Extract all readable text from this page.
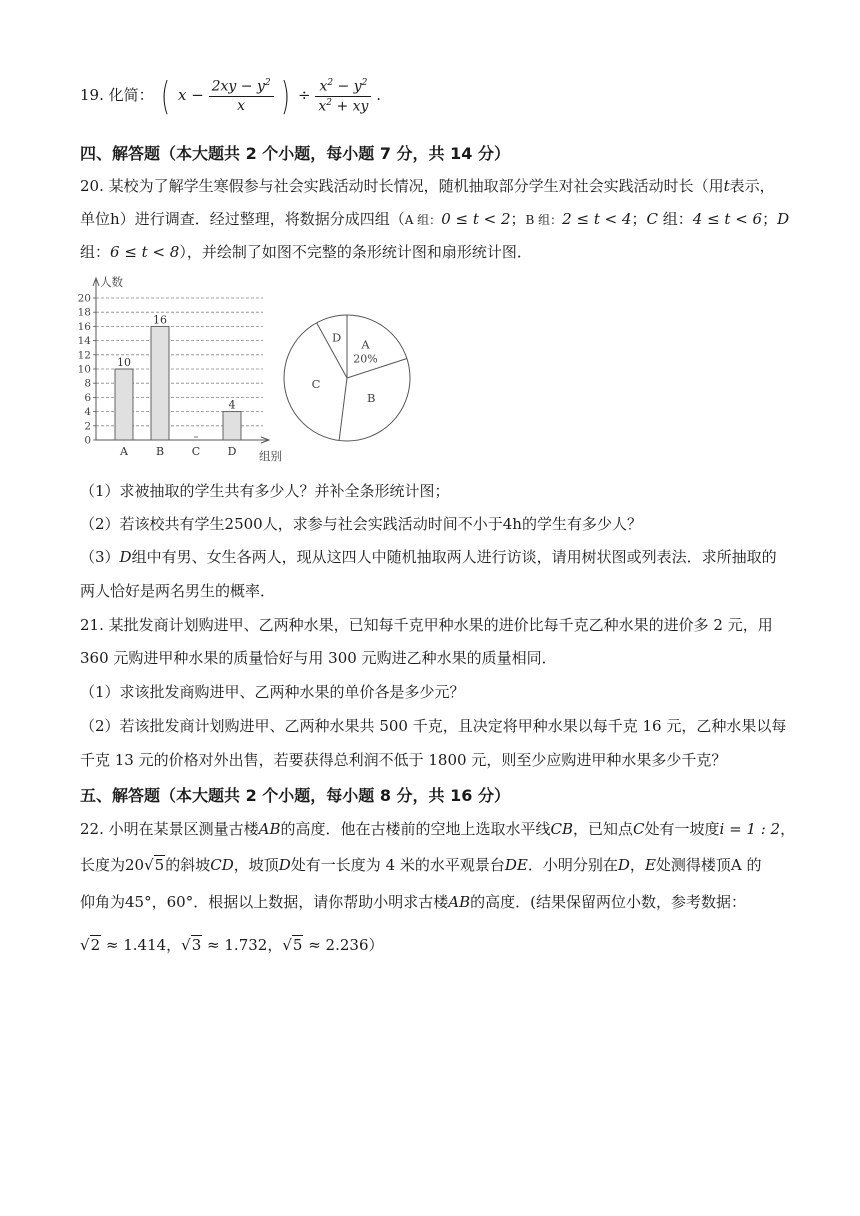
19. 化简： ( $x - \frac{2xy - y^2}{x}$ ) ÷ $\frac{x^2 - y^2}{x^2 + xy}$ .
四、解答题（本大题共 2 个小题，每小题 7 分，共 14 分）
20. 某校为了解学生寒假参与社会实践活动时长情况，随机抽取部分学生对社会实践活动时长（用t表示，
单位h）进行调查．经过整理，将数据分成四组（A 组：0 ≤ t < 2；B 组：2 ≤ t < 4；C 组：4 ≤ t < 6；D
组：6 ≤ t < 8），并绘制了如图不完整的条形统计图和扇形统计图．
0
2
4
6
8
10
12
14
16
18
20
人数
组别
10
A
16
B	C
4
D
A
20%
B
C
D
（1）求被抽取的学生共有多少人？并补全条形统计图；
（2）若该校共有学生2500人，求参与社会实践活动时间不小于4h的学生有多少人？
（3）D组中有男、女生各两人，现从这四人中随机抽取两人进行访谈，请用树状图或列表法．求所抽取的
两人恰好是两名男生的概率．
21. 某批发商计划购进甲、乙两种水果，已知每千克甲种水果的进价比每千克乙种水果的进价多 2 元，用
360 元购进甲种水果的质量恰好与用 300 元购进乙种水果的质量相同．
（1）求该批发商购进甲、乙两种水果的单价各是多少元？
（2）若该批发商计划购进甲、乙两种水果共 500 千克，且决定将甲种水果以每千克 16 元，乙种水果以每
千克 13 元的价格对外出售，若要获得总利润不低于 1800 元，则至少应购进甲种水果多少千克？
五、解答题（本大题共 2 个小题，每小题 8 分，共 16 分）
22. 小明在某景区测量古楼AB的高度．他在古楼前的空地上选取水平线CB，已知点C处有一坡度i = 1 : 2，
长度为20√5的斜坡CD，坡顶D处有一长度为 4 米的水平观景台DE．小明分别在D，E处测得楼顶A 的
仰角为45°，60°．根据以上数据，请你帮助小明求古楼AB的高度．(结果保留两位小数，参考数据：
√2 ≈ 1.414，√3 ≈ 1.732，√5 ≈ 2.236）
